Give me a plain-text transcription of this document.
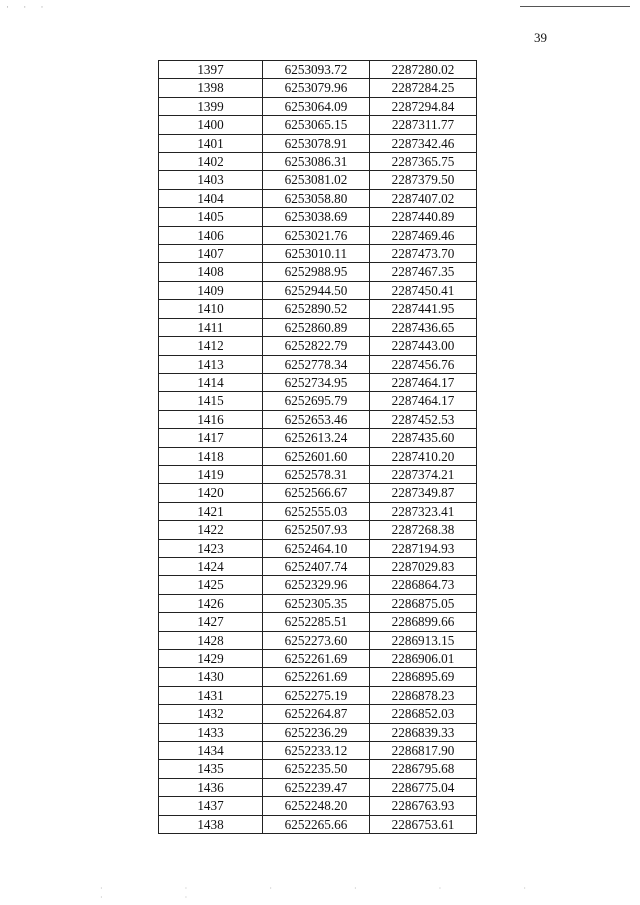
· · ·
39
1397	6253093.72	2287280.02
1398	6253079.96	2287284.25
1399	6253064.09	2287294.84
1400	6253065.15	2287311.77
1401	6253078.91	2287342.46
1402	6253086.31	2287365.75
1403	6253081.02	2287379.50
1404	6253058.80	2287407.02
1405	6253038.69	2287440.89
1406	6253021.76	2287469.46
1407	6253010.11	2287473.70
1408	6252988.95	2287467.35
1409	6252944.50	2287450.41
1410	6252890.52	2287441.95
1411	6252860.89	2287436.65
1412	6252822.79	2287443.00
1413	6252778.34	2287456.76
1414	6252734.95	2287464.17
1415	6252695.79	2287464.17
1416	6252653.46	2287452.53
1417	6252613.24	2287435.60
1418	6252601.60	2287410.20
1419	6252578.31	2287374.21
1420	6252566.67	2287349.87
1421	6252555.03	2287323.41
1422	6252507.93	2287268.38
1423	6252464.10	2287194.93
1424	6252407.74	2287029.83
1425	6252329.96	2286864.73
1426	6252305.35	2286875.05
1427	6252285.51	2286899.66
1428	6252273.60	2286913.15
1429	6252261.69	2286906.01
1430	6252261.69	2286895.69
1431	6252275.19	2286878.23
1432	6252264.87	2286852.03
1433	6252236.29	2286839.33
1434	6252233.12	2286817.90
1435	6252235.50	2286795.68
1436	6252239.47	2286775.04
1437	6252248.20	2286763.93
1438	6252265.66	2286753.61
· · · · · · · ·
